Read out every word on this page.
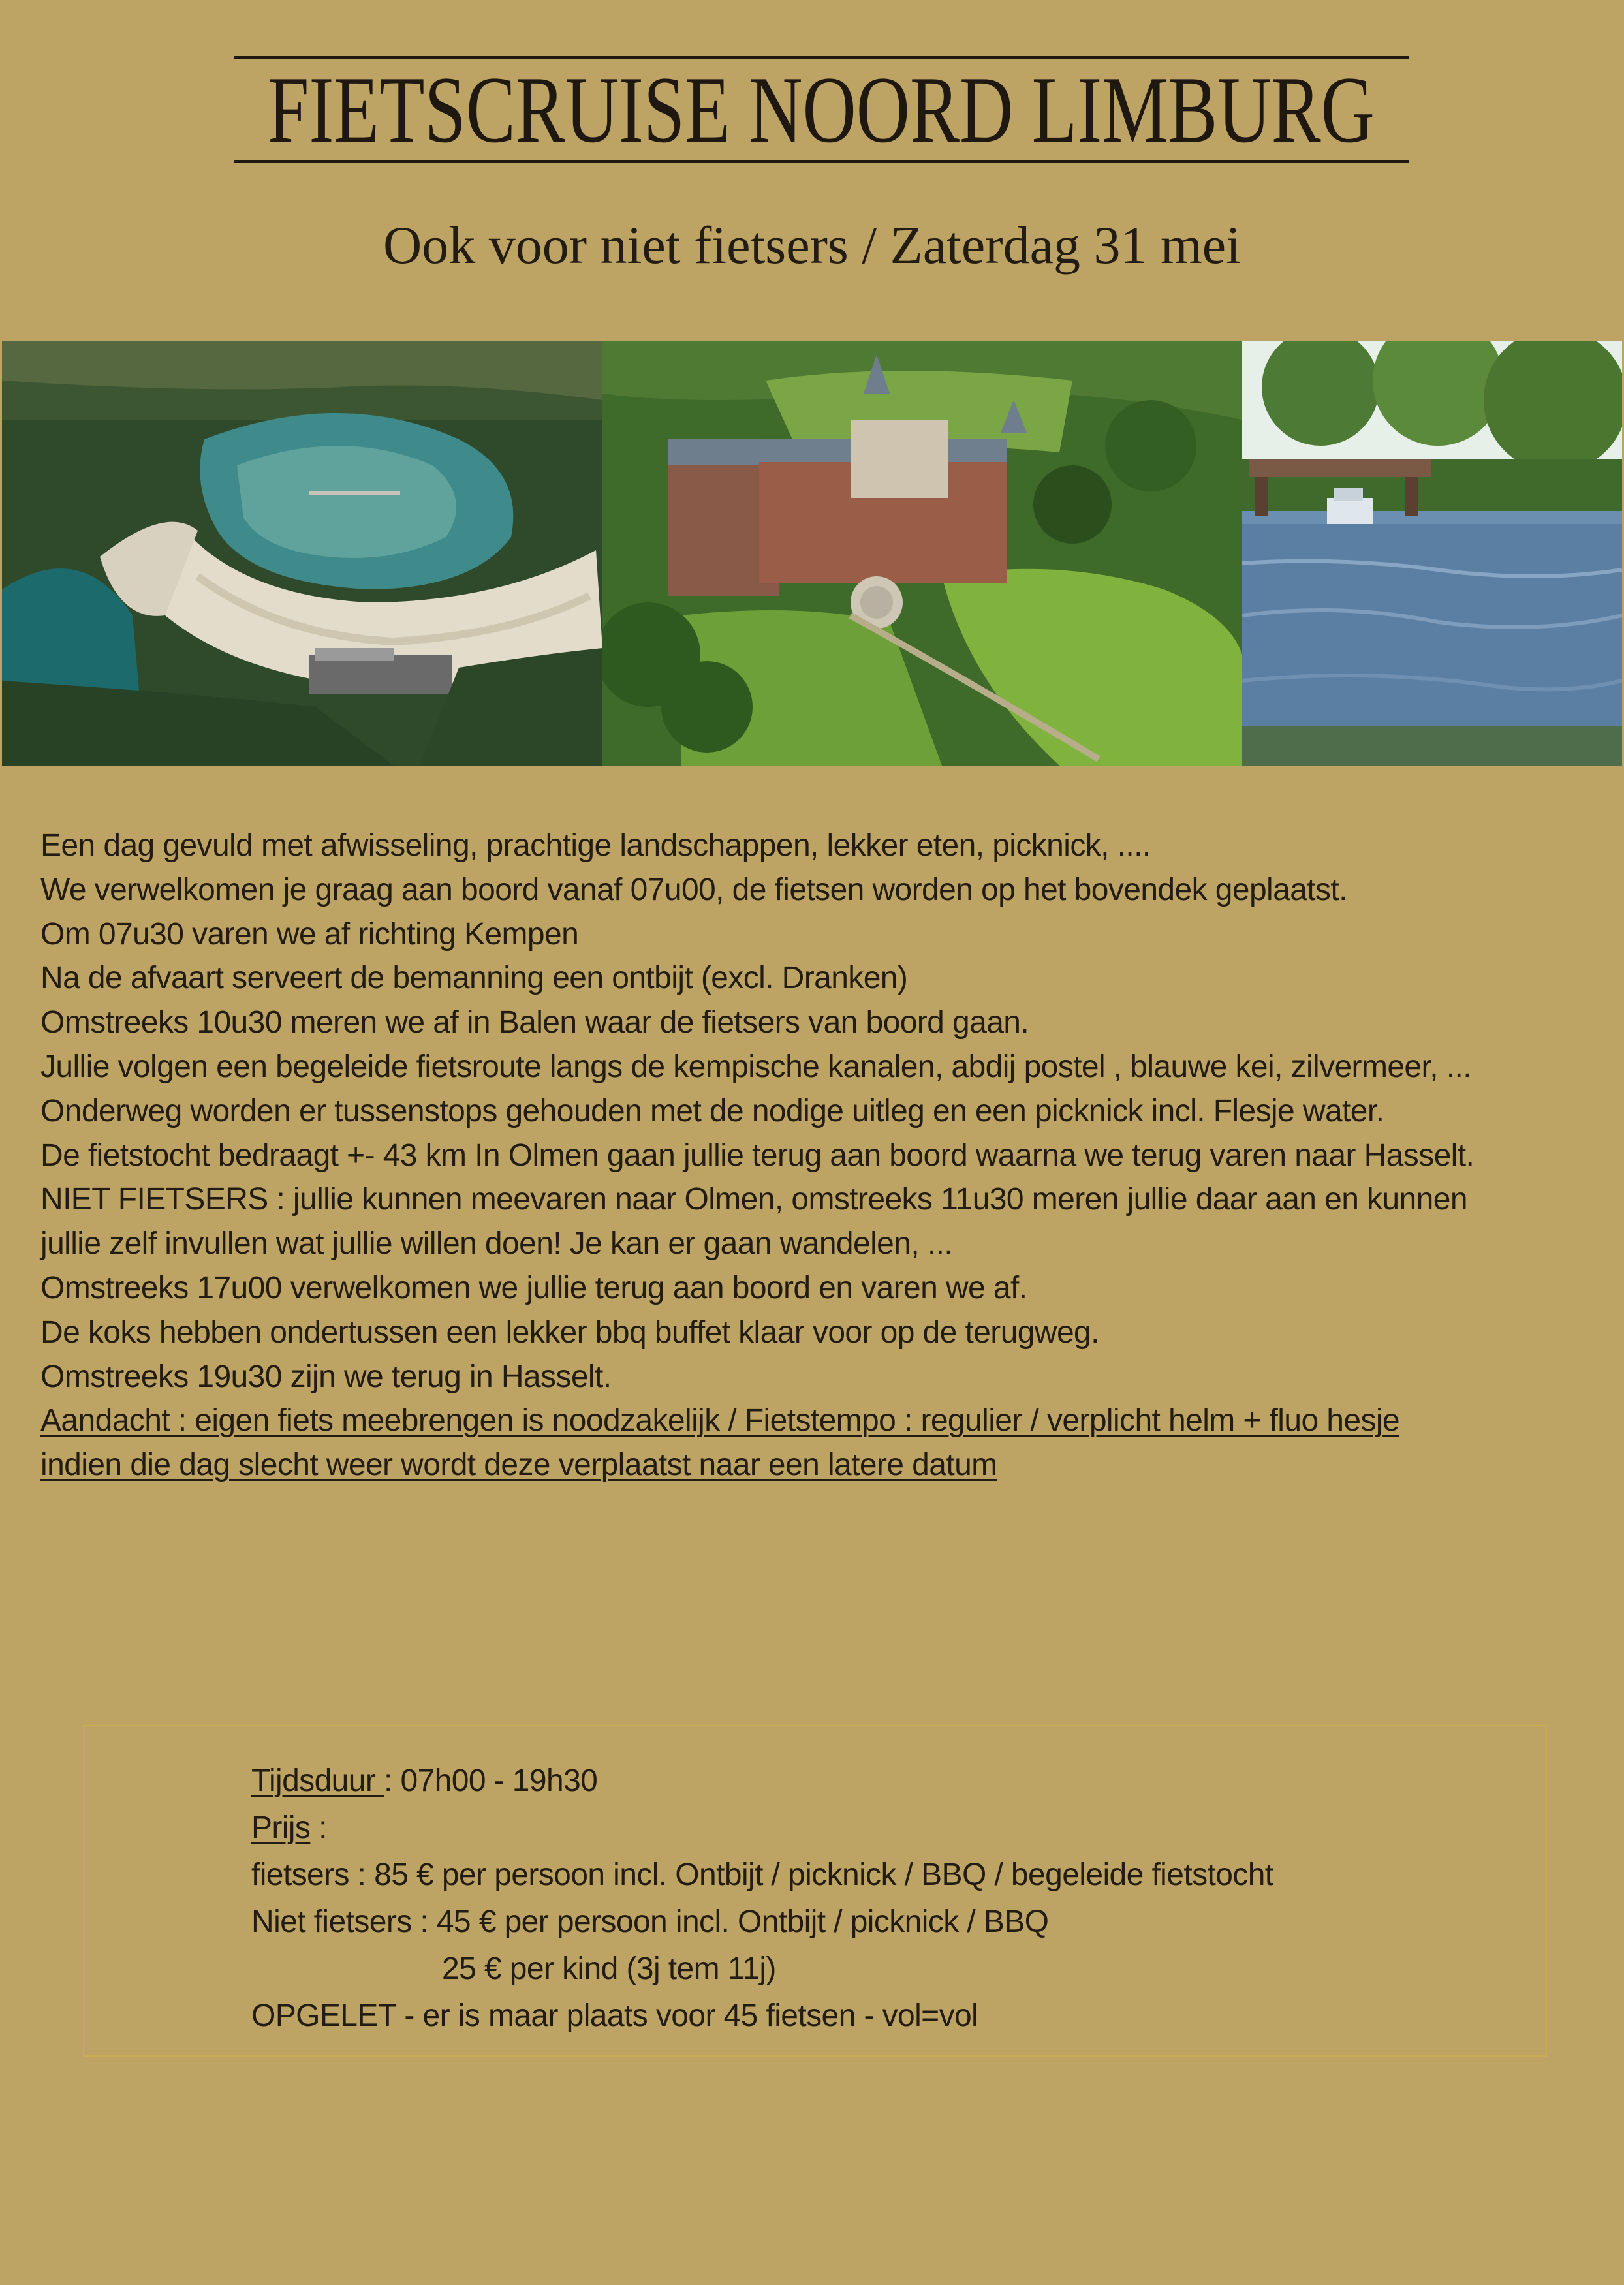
FIETSCRUISE NOORD LIMBURG
Ook voor niet fietsers / Zaterdag 31 mei
Een dag gevuld met afwisseling, prachtige landschappen, lekker eten, picknick, ....
We verwelkomen je graag aan boord vanaf 07u00, de fietsen worden op het bovendek geplaatst.
Om 07u30 varen we af richting Kempen
Na de afvaart serveert de bemanning een ontbijt (excl. Dranken)
Omstreeks 10u30 meren we af in Balen waar de fietsers van boord gaan.
Jullie volgen een begeleide fietsroute langs de kempische kanalen, abdij postel , blauwe kei, zilvermeer, ...
Onderweg worden er tussenstops gehouden met de nodige uitleg en een picknick incl. Flesje water.
De fietstocht bedraagt +- 43 km In Olmen gaan jullie terug aan boord waarna we terug varen naar Hasselt.
NIET FIETSERS : jullie kunnen meevaren naar Olmen, omstreeks 11u30 meren jullie daar aan en kunnen
jullie zelf invullen wat jullie willen doen! Je kan er gaan wandelen, ...
Omstreeks 17u00 verwelkomen we jullie terug aan boord en varen we af.
De koks hebben ondertussen een lekker bbq buffet klaar voor op de terugweg.
Omstreeks 19u30 zijn we terug in Hasselt.
Aandacht : eigen fiets meebrengen is noodzakelijk / Fietstempo : regulier / verplicht helm + fluo hesje
indien die dag slecht weer wordt deze verplaatst naar een latere datum
Tijdsduur : 07h00 - 19h30
Prijs :
fietsers : 85 € per persoon incl. Ontbijt / picknick / BBQ / begeleide fietstocht
Niet fietsers : 45 € per persoon incl. Ontbijt / picknick / BBQ
25 € per kind (3j tem 11j)
OPGELET - er is maar plaats voor 45 fietsen - vol=vol
